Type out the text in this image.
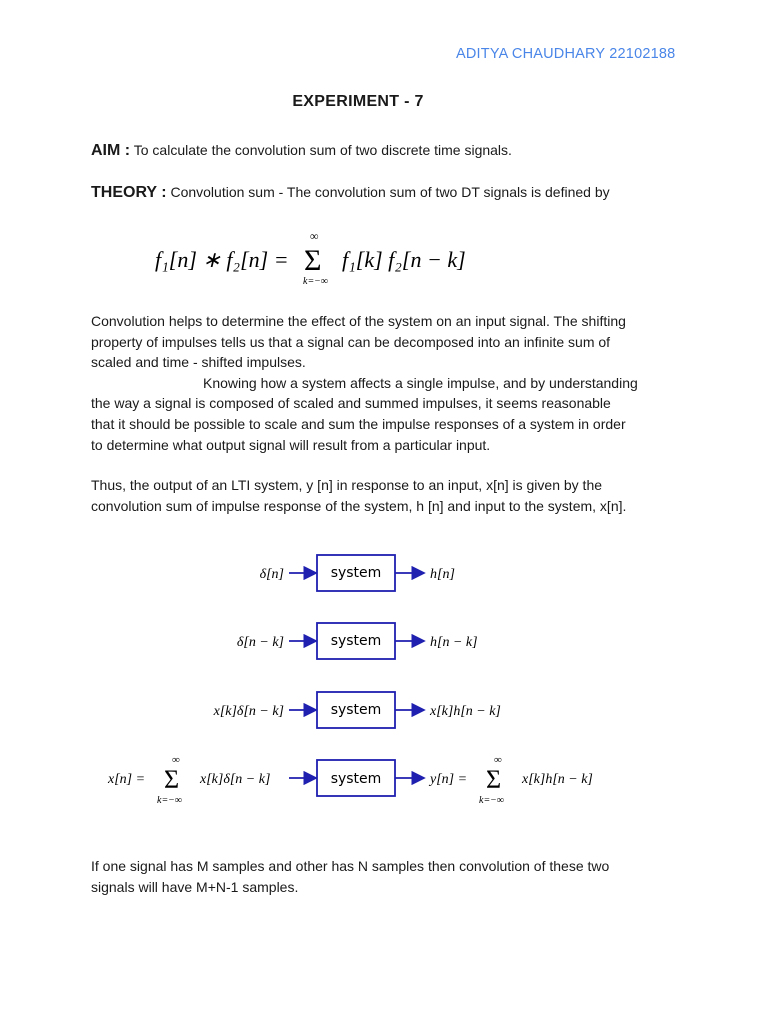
ADITYA CHAUDHARY 22102188
EXPERIMENT - 7
AIM : To calculate the convolution sum of two discrete time signals.
THEORY : Convolution sum - The convolution sum of two DT signals is defined by
f₁[n] ∗ f₂[n] =
∞
Σ
k=−∞
f₁[k] f₂[n − k]
Convolution helps to determine the effect of the system on an input signal. The shifting
property of impulses tells us that a signal can be decomposed into an infinite sum of
scaled and time - shifted impulses.
Knowing how a system affects a single impulse, and by understanding
the way a signal is composed of scaled and summed impulses, it seems reasonable
that it should be possible to scale and sum the impulse responses of a system in order
to determine what output signal will result from a particular input.
Thus, the output of an LTI system, y [n] in response to an input, x[n] is given by the
convolution sum of impulse response of the system, h [n] and input to the system, x[n].
δ[n]	system	h[n]
δ[n − k]	system	h[n − k]
x[k]δ[n − k]	system	x[k]h[n − k]
x[n] =
∞
Σ
k=−∞
x[k]δ[n − k]	system	y[n] =
∞
Σ
k=−∞
x[k]h[n − k]
If one signal has M samples and other has N samples then convolution of these two
signals will have M+N-1 samples.
